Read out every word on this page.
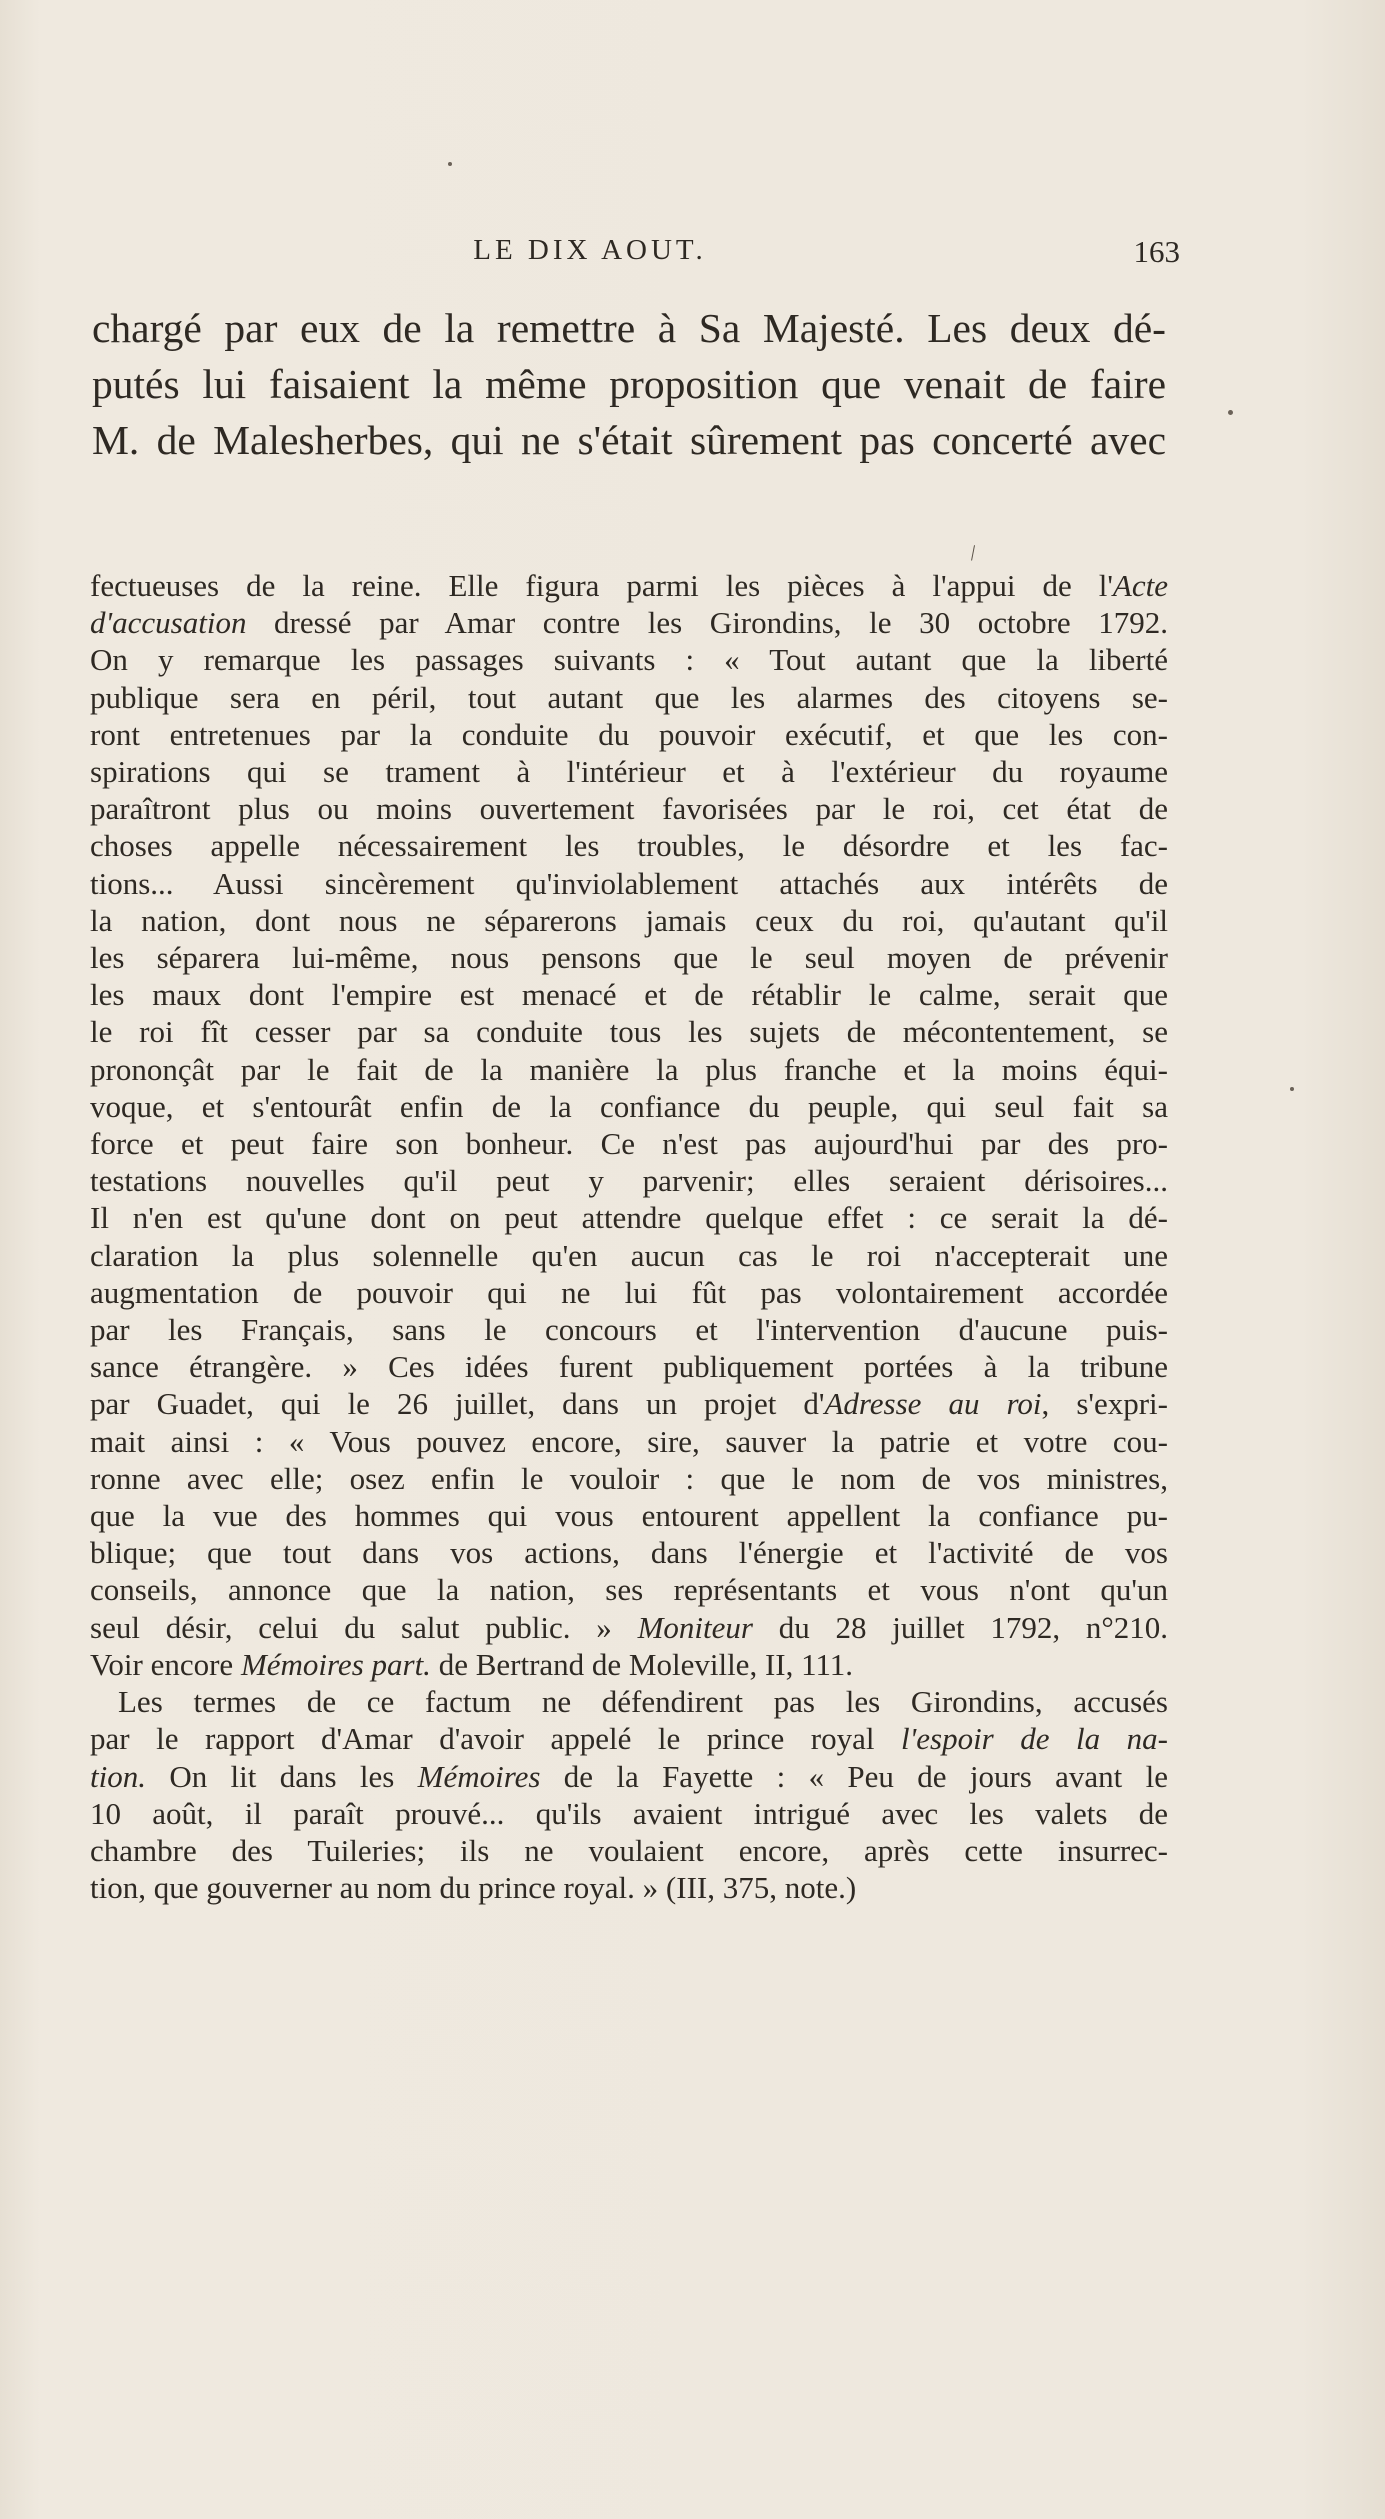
LE DIX AOUT.	163
chargé par eux de la remettre à Sa Majesté. Les deux dé-
putés lui faisaient la même proposition que venait de faire
M. de Malesherbes, qui ne s'était sûrement pas concerté avec
/
fectueuses de la reine. Elle figura parmi les pièces à l'appui de l'Acte
d'accusation dressé par Amar contre les Girondins, le 30 octobre 1792.
On y remarque les passages suivants : « Tout autant que la liberté
publique sera en péril, tout autant que les alarmes des citoyens se-
ront entretenues par la conduite du pouvoir exécutif, et que les con-
spirations qui se trament à l'intérieur et à l'extérieur du royaume
paraîtront plus ou moins ouvertement favorisées par le roi, cet état de
choses appelle nécessairement les troubles, le désordre et les fac-
tions... Aussi sincèrement qu'inviolablement attachés aux intérêts de
la nation, dont nous ne séparerons jamais ceux du roi, qu'autant qu'il
les séparera lui-même, nous pensons que le seul moyen de prévenir
les maux dont l'empire est menacé et de rétablir le calme, serait que
le roi fît cesser par sa conduite tous les sujets de mécontentement, se
prononçât par le fait de la manière la plus franche et la moins équi-
voque, et s'entourât enfin de la confiance du peuple, qui seul fait sa
force et peut faire son bonheur. Ce n'est pas aujourd'hui par des pro-
testations nouvelles qu'il peut y parvenir; elles seraient dérisoires...
Il n'en est qu'une dont on peut attendre quelque effet : ce serait la dé-
claration la plus solennelle qu'en aucun cas le roi n'accepterait une
augmentation de pouvoir qui ne lui fût pas volontairement accordée
par les Français, sans le concours et l'intervention d'aucune puis-
sance étrangère. » Ces idées furent publiquement portées à la tribune
par Guadet, qui le 26 juillet, dans un projet d'Adresse au roi, s'expri-
mait ainsi : « Vous pouvez encore, sire, sauver la patrie et votre cou-
ronne avec elle; osez enfin le vouloir : que le nom de vos ministres,
que la vue des hommes qui vous entourent appellent la confiance pu-
blique; que tout dans vos actions, dans l'énergie et l'activité de vos
conseils, annonce que la nation, ses représentants et vous n'ont qu'un
seul désir, celui du salut public. » Moniteur du 28 juillet 1792, n°210.
Voir encore Mémoires part. de Bertrand de Moleville, II, 111.
Les termes de ce factum ne défendirent pas les Girondins, accusés
par le rapport d'Amar d'avoir appelé le prince royal l'espoir de la na-
tion. On lit dans les Mémoires de la Fayette : « Peu de jours avant le
10 août, il paraît prouvé... qu'ils avaient intrigué avec les valets de
chambre des Tuileries; ils ne voulaient encore, après cette insurrec-
tion, que gouverner au nom du prince royal. » (III, 375, note.)
